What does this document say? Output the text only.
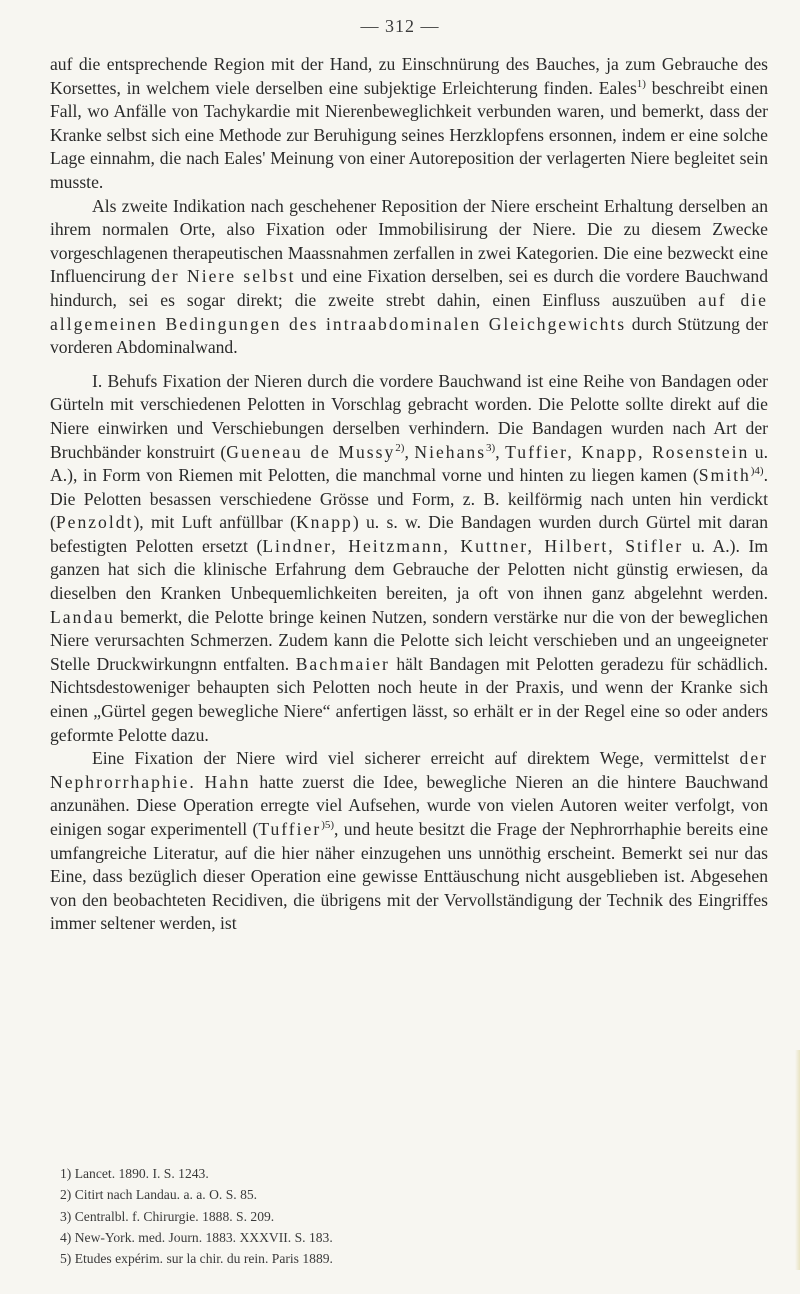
— 312 —

auf die entsprechende Region mit der Hand, zu Einschnürung des Bauches, ja zum Gebrauche des Korsettes, in welchem viele derselben eine subjektige Erleichterung finden. Eales$^{1)}$ beschreibt einen Fall, wo Anfälle von Tachykardie mit Nierenbeweglichkeit verbunden waren, und bemerkt, dass der Kranke selbst sich eine Methode zur Beruhigung seines Herzklopfens ersonnen, indem er eine solche Lage einnahm, die nach Eales' Meinung von einer Autoreposition der verlagerten Niere begleitet sein musste.

Als zweite Indikation nach geschehener Reposition der Niere erscheint Erhaltung derselben an ihrem normalen Orte, also Fixation oder Immobilisirung der Niere. Die zu diesem Zwecke vorgeschlagenen therapeutischen Maassnahmen zerfallen in zwei Kategorien. Die eine bezweckt eine Influencirung der Niere selbst und eine Fixation derselben, sei es durch die vordere Bauchwand hindurch, sei es sogar direkt; die zweite strebt dahin, einen Einfluss auszuüben auf die allgemeinen Bedingungen des intraabdominalen Gleichgewichts durch Stützung der vorderen Abdominalwand.

I. Behufs Fixation der Nieren durch die vordere Bauchwand ist eine Reihe von Bandagen oder Gürteln mit verschiedenen Pelotten in Vorschlag gebracht worden. Die Pelotte sollte direkt auf die Niere einwirken und Verschiebungen derselben verhindern. Die Bandagen wurden nach Art der Bruchbänder konstruirt (Gueneau de Mussy$^{2)}$, Niehans$^{3)}$, Tuffier, Knapp, Rosenstein u. A.), in Form von Riemen mit Pelotten, die manchmal vorne und hinten zu liegen kamen (Smith$^{)4)}$. Die Pelotten besassen verschiedene Grösse und Form, z. B. keilförmig nach unten hin verdickt (Penzoldt), mit Luft anfüllbar (Knapp) u. s. w. Die Bandagen wurden durch Gürtel mit daran befestigten Pelotten ersetzt (Lindner, Heitzmann, Kuttner, Hilbert, Stifler u. A.). Im ganzen hat sich die klinische Erfahrung dem Gebrauche der Pelotten nicht günstig erwiesen, da dieselben den Kranken Unbequemlichkeiten bereiten, ja oft von ihnen ganz abgelehnt werden. Landau bemerkt, die Pelotte bringe keinen Nutzen, sondern verstärke nur die von der beweglichen Niere verursachten Schmerzen. Zudem kann die Pelotte sich leicht verschieben und an ungeeigneter Stelle Druckwirkungnn entfalten. Bachmaier hält Bandagen mit Pelotten geradezu für schädlich. Nichtsdestoweniger behaupten sich Pelotten noch heute in der Praxis, und wenn der Kranke sich einen „Gürtel gegen bewegliche Niere“ anfertigen lässt, so erhält er in der Regel eine so oder anders geformte Pelotte dazu.

Eine Fixation der Niere wird viel sicherer erreicht auf direktem Wege, vermittelst der Nephrorrhaphie. Hahn hatte zuerst die Idee, bewegliche Nieren an die hintere Bauchwand anzunähen. Diese Operation erregte viel Aufsehen, wurde von vielen Autoren weiter verfolgt, von einigen sogar experimentell (Tuffier$^{)5)}$, und heute besitzt die Frage der Nephrorrhaphie bereits eine umfangreiche Literatur, auf die hier näher einzugehen uns unnöthig erscheint. Bemerkt sei nur das Eine, dass bezüglich dieser Operation eine gewisse Enttäuschung nicht ausgeblieben ist. Abgesehen von den beobachteten Recidiven, die übrigens mit der Vervollständigung der Technik des Eingriffes immer seltener werden, ist

1) Lancet. 1890. I. S. 1243.
2) Citirt nach Landau. a. a. O. S. 85.
3) Centralbl. f. Chirurgie. 1888. S. 209.
4) New-York. med. Journ. 1883. XXXVII. S. 183.
5) Etudes expérim. sur la chir. du rein. Paris 1889.
